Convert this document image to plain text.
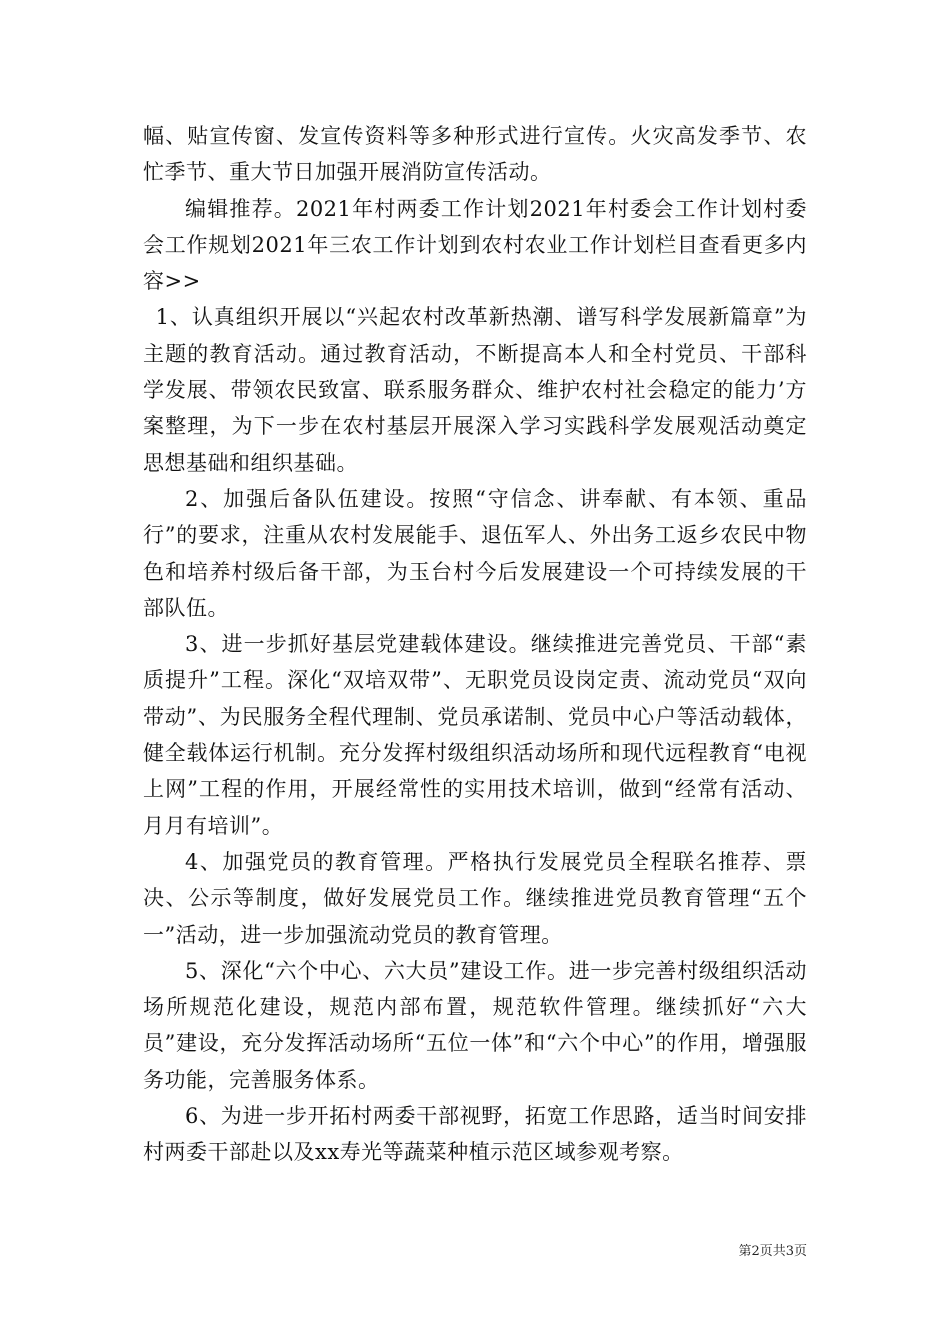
幅、贴宣传窗、发宣传资料等多种形式进行宣传。火灾高发季节、农忙季节、重大节日加强开展消防宣传活动。

编辑推荐。2021年村两委工作计划2021年村委会工作计划村委会工作规划2021年三农工作计划到农村农业工作计划栏目查看更多内容>>

1、认真组织开展以“兴起农村改革新热潮、谱写科学发展新篇章”为主题的教育活动。通过教育活动，不断提高本人和全村党员、干部科学发展、带领农民致富、联系服务群众、维护农村社会稳定的能力’方案整理，为下一步在农村基层开展深入学习实践科学发展观活动奠定思想基础和组织基础。

2、加强后备队伍建设。按照“守信念、讲奉献、有本领、重品行”的要求，注重从农村发展能手、退伍军人、外出务工返乡农民中物色和培养村级后备干部，为玉台村今后发展建设一个可持续发展的干部队伍。

3、进一步抓好基层党建载体建设。继续推进完善党员、干部“素质提升”工程。深化“双培双带”、无职党员设岗定责、流动党员“双向带动”、为民服务全程代理制、党员承诺制、党员中心户等活动载体，健全载体运行机制。充分发挥村级组织活动场所和现代远程教育“电视上网”工程的作用，开展经常性的实用技术培训，做到“经常有活动、月月有培训”。

4、加强党员的教育管理。严格执行发展党员全程联名推荐、票决、公示等制度，做好发展党员工作。继续推进党员教育管理“五个一”活动，进一步加强流动党员的教育管理。

5、深化“六个中心、六大员”建设工作。进一步完善村级组织活动场所规范化建设，规范内部布置，规范软件管理。继续抓好“六大员”建设，充分发挥活动场所“五位一体”和“六个中心”的作用，增强服务功能，完善服务体系。

6、为进一步开拓村两委干部视野，拓宽工作思路，适当时间安排村两委干部赴以及xx寿光等蔬菜种植示范区域参观考察。

第2页共3页
